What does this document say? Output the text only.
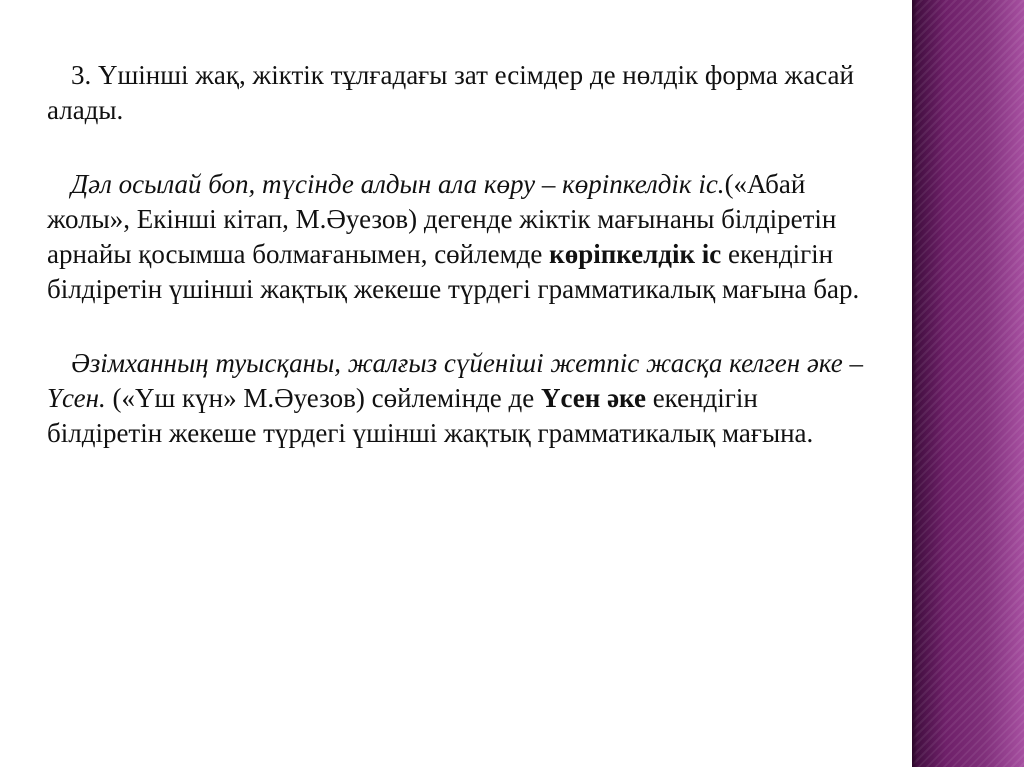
3. Үшінші жақ, жіктік тұлғадағы зат есімдер де нөлдік форма жасай алады.

Дәл осылай боп, түсінде алдын ала көру – көріпкелдік іс.(«Абай жолы», Екінші кітап, М.Әуезов) дегенде жіктік мағынаны білдіретін арнайы қосымша болмағанымен, сөйлемде көріпкелдік іс екендігін білдіретін үшінші жақтық жекеше түрдегі грамматикалық мағына бар.

Әзімханның туысқаны, жалғыз сүйеніші жетпіс жасқа келген әке – Үсен. («Үш күн» М.Әуезов) сөйлемінде де Үсен әке екендігін білдіретін жекеше түрдегі үшінші жақтық грамматикалық мағына.
